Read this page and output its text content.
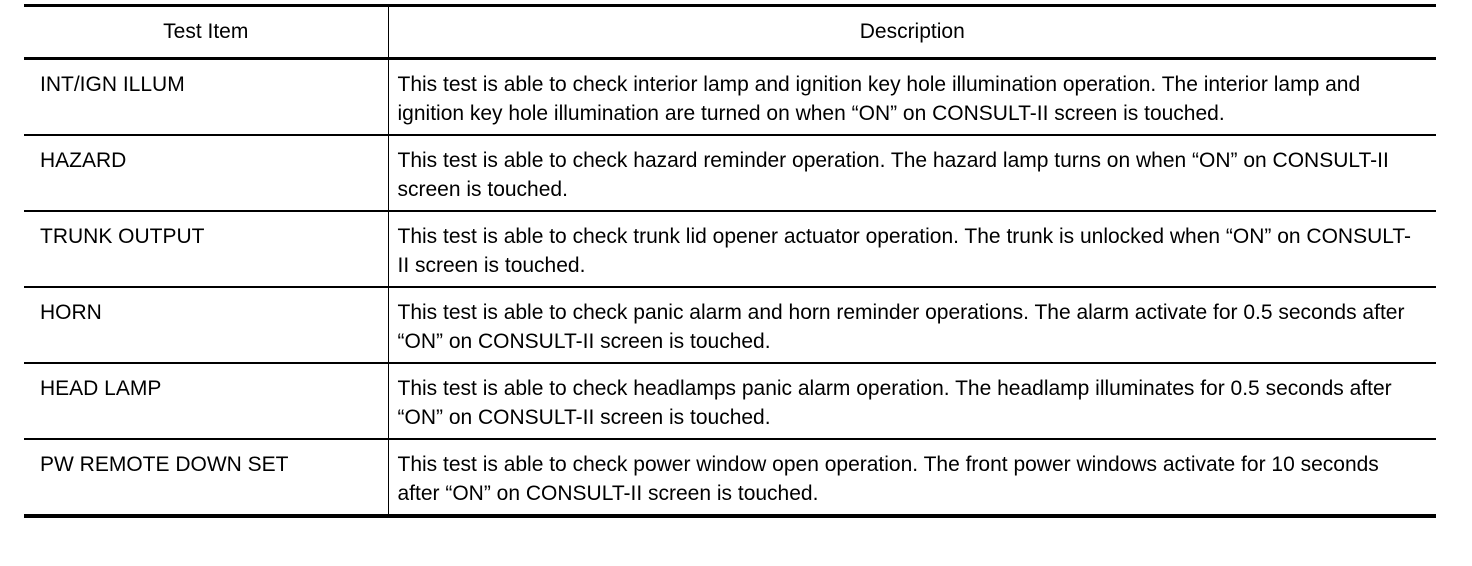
Test Item	Description
INT/IGN ILLUM	This test is able to check interior lamp and ignition key hole illumination operation. The interior lamp and ignition key hole illumination are turned on when “ON” on CONSULT-II screen is touched.
HAZARD	This test is able to check hazard reminder operation. The hazard lamp turns on when “ON” on CONSULT-II screen is touched.
TRUNK OUTPUT	This test is able to check trunk lid opener actuator operation. The trunk is unlocked when “ON” on CONSULT-II screen is touched.
HORN	This test is able to check panic alarm and horn reminder operations. The alarm activate for 0.5 seconds after “ON” on CONSULT-II screen is touched.
HEAD LAMP	This test is able to check headlamps panic alarm operation. The headlamp illuminates for 0.5 seconds after “ON” on CONSULT-II screen is touched.
PW REMOTE DOWN SET	This test is able to check power window open operation. The front power windows activate for 10 seconds after “ON” on CONSULT-II screen is touched.
